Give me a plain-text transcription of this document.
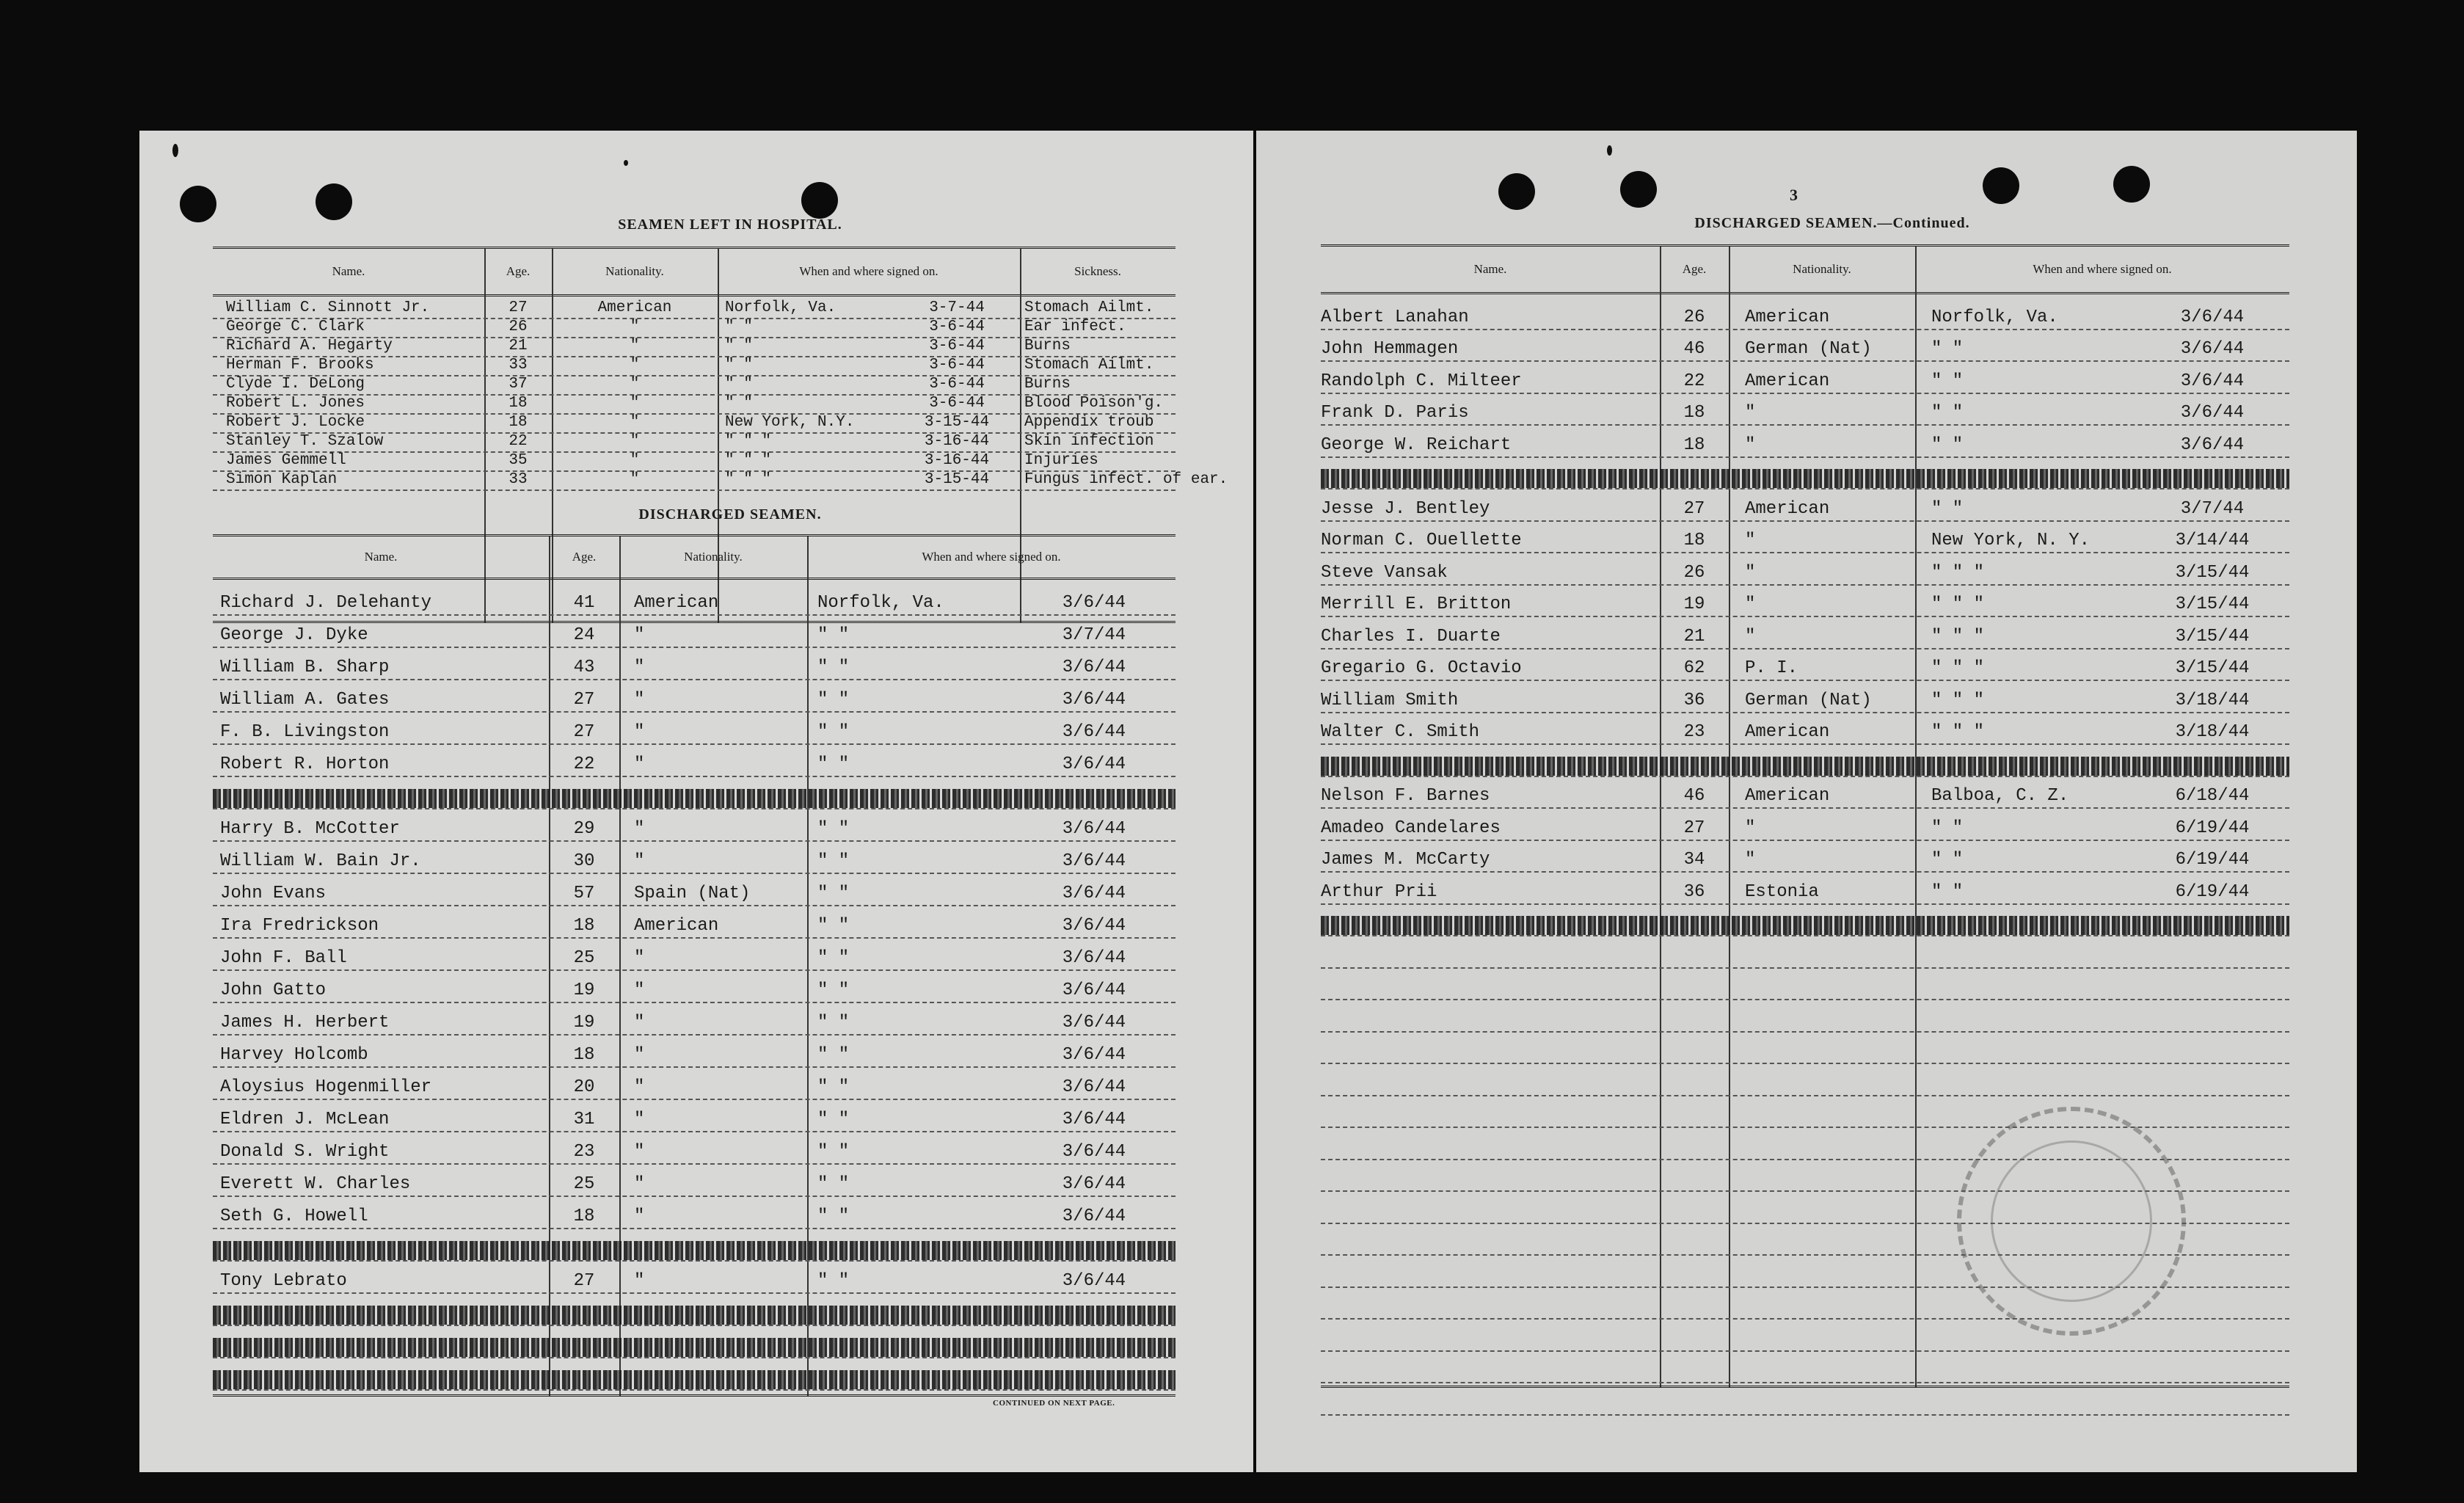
SEAMEN LEFT IN HOSPITAL.
Name.	Age.	Nationality.	When and where signed on.	Sickness.
William C. Sinnott Jr.	27	American	Norfolk, Va.	3-7-44	Stomach Ailmt.
George C. Clark	26	"	" "	3-6-44	Ear infect.
Richard A. Hegarty	21	"	" "	3-6-44	Burns
Herman F. Brooks	33	"	" "	3-6-44	Stomach Ailmt.
Clyde I. DeLong	37	"	" "	3-6-44	Burns
Robert L. Jones	18	"	" "	3-6-44	Blood Poison'g.
Robert J. Locke	18	"	New York, N.Y.	3-15-44	Appendix troub
Stanley T. Szalow	22	"	" " "	3-16-44	Skin infection
James Gemmell	35	"	" " "	3-16-44	Injuries
Simon Kaplan	33	"	" " "	3-15-44	Fungus infect. of ear.
DISCHARGED SEAMEN.
Name.	Age.	Nationality.	When and where signed on.
Richard J. Delehanty	41	American	Norfolk, Va.	3/6/44
George J. Dyke	24	"	" "	3/7/44
William B. Sharp	43	"	" "	3/6/44
William A. Gates	27	"	" "	3/6/44
F. B. Livingston	27	"	" "	3/6/44
Robert R. Horton	22	"	" "	3/6/44
Harry B. McCotter	29	"	" "	3/6/44
William W. Bain Jr.	30	"	" "	3/6/44
John Evans	57	Spain (Nat)	" "	3/6/44
Ira Fredrickson	18	American	" "	3/6/44
John F. Ball	25	"	" "	3/6/44
John Gatto	19	"	" "	3/6/44
James H. Herbert	19	"	" "	3/6/44
Harvey Holcomb	18	"	" "	3/6/44
Aloysius Hogenmiller	20	"	" "	3/6/44
Eldren J. McLean	31	"	" "	3/6/44
Donald S. Wright	23	"	" "	3/6/44
Everett W. Charles	25	"	" "	3/6/44
Seth G. Howell	18	"	" "	3/6/44
Tony Lebrato	27	"	" "	3/6/44
CONTINUED ON NEXT PAGE.
3
DISCHARGED SEAMEN.—Continued.
Name.	Age.	Nationality.	When and where signed on.
Albert Lanahan	26	American	Norfolk, Va.	3/6/44
John Hemmagen	46	German (Nat)	" "	3/6/44
Randolph C. Milteer	22	American	" "	3/6/44
Frank D. Paris	18	"	" "	3/6/44
George W. Reichart	18	"	" "	3/6/44
Jesse J. Bentley	27	American	" "	3/7/44
Norman C. Ouellette	18	"	New York, N. Y.	3/14/44
Steve Vansak	26	"	" " "	3/15/44
Merrill E. Britton	19	"	" " "	3/15/44
Charles I. Duarte	21	"	" " "	3/15/44
Gregario G. Octavio	62	P. I.	" " "	3/15/44
William Smith	36	German (Nat)	" " "	3/18/44
Walter C. Smith	23	American	" " "	3/18/44
Nelson F. Barnes	46	American	Balboa, C. Z.	6/18/44
Amadeo Candelares	27	"	" "	6/19/44
James M. McCarty	34	"	" "	6/19/44
Arthur Prii	36	Estonia	" "	6/19/44
